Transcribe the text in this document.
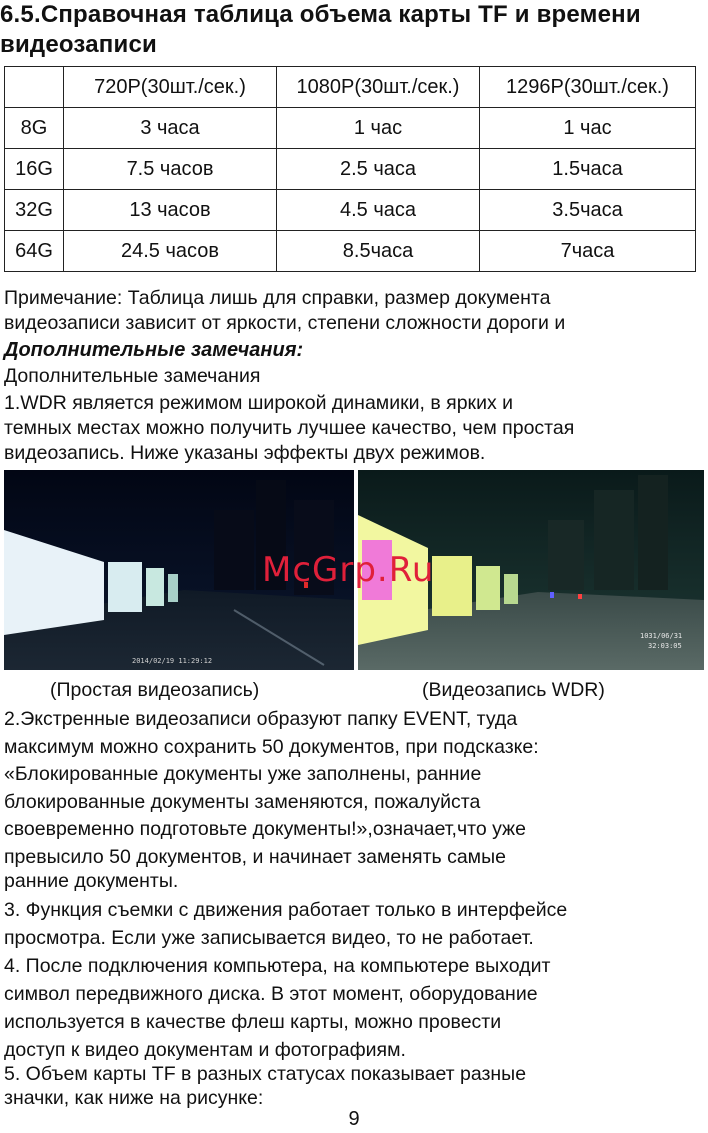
6.5.Справочная таблица объема карты TF и времени
видеозаписи
	720P(30шт./сек.)	1080P(30шт./сек.)	1296P(30шт./сек.)
8G	3 часа	1 час	1 час
16G	7.5 часов	2.5 часа	1.5часа
32G	13 часов	4.5 часа	3.5часа
64G	24.5 часов	8.5часа	7часа
Примечание: Таблица лишь для справки, размер документа
видеозаписи зависит от яркости, степени сложности дороги и
Дополнительные замечания:
Дополнительные замечания
1.WDR является режимом широкой динамики, в ярких и
темных местах можно получить лучшее качество, чем простая
видеозапись. Ниже указаны эффекты двух режимов.
2014/02/19 11:29:12
1031/06/31
32:03:05
McGrp.Ru
(Простая видеозапись)	(Видеозапись WDR)
2.Экстренные видеозаписи образуют папку EVENT, туда
максимум можно сохранить 50 документов, при подсказке:
«Блокированные документы уже заполнены, ранние
блокированные документы заменяются, пожалуйста
своевременно подготовьте документы!»,означает,что уже
превысило 50 документов, и начинает заменять самые
ранние документы.
3. Функция съемки с движения работает только в интерфейсе
просмотра. Если уже записывается видео, то не работает.
4. После подключения компьютера, на компьютере выходит
символ передвижного диска. В этот момент, оборудование
используется в качестве флеш карты, можно провести
доступ к видео документам и фотографиям.
5. Объем карты TF в разных статусах показывает разные
значки, как ниже на рисунке:
9
